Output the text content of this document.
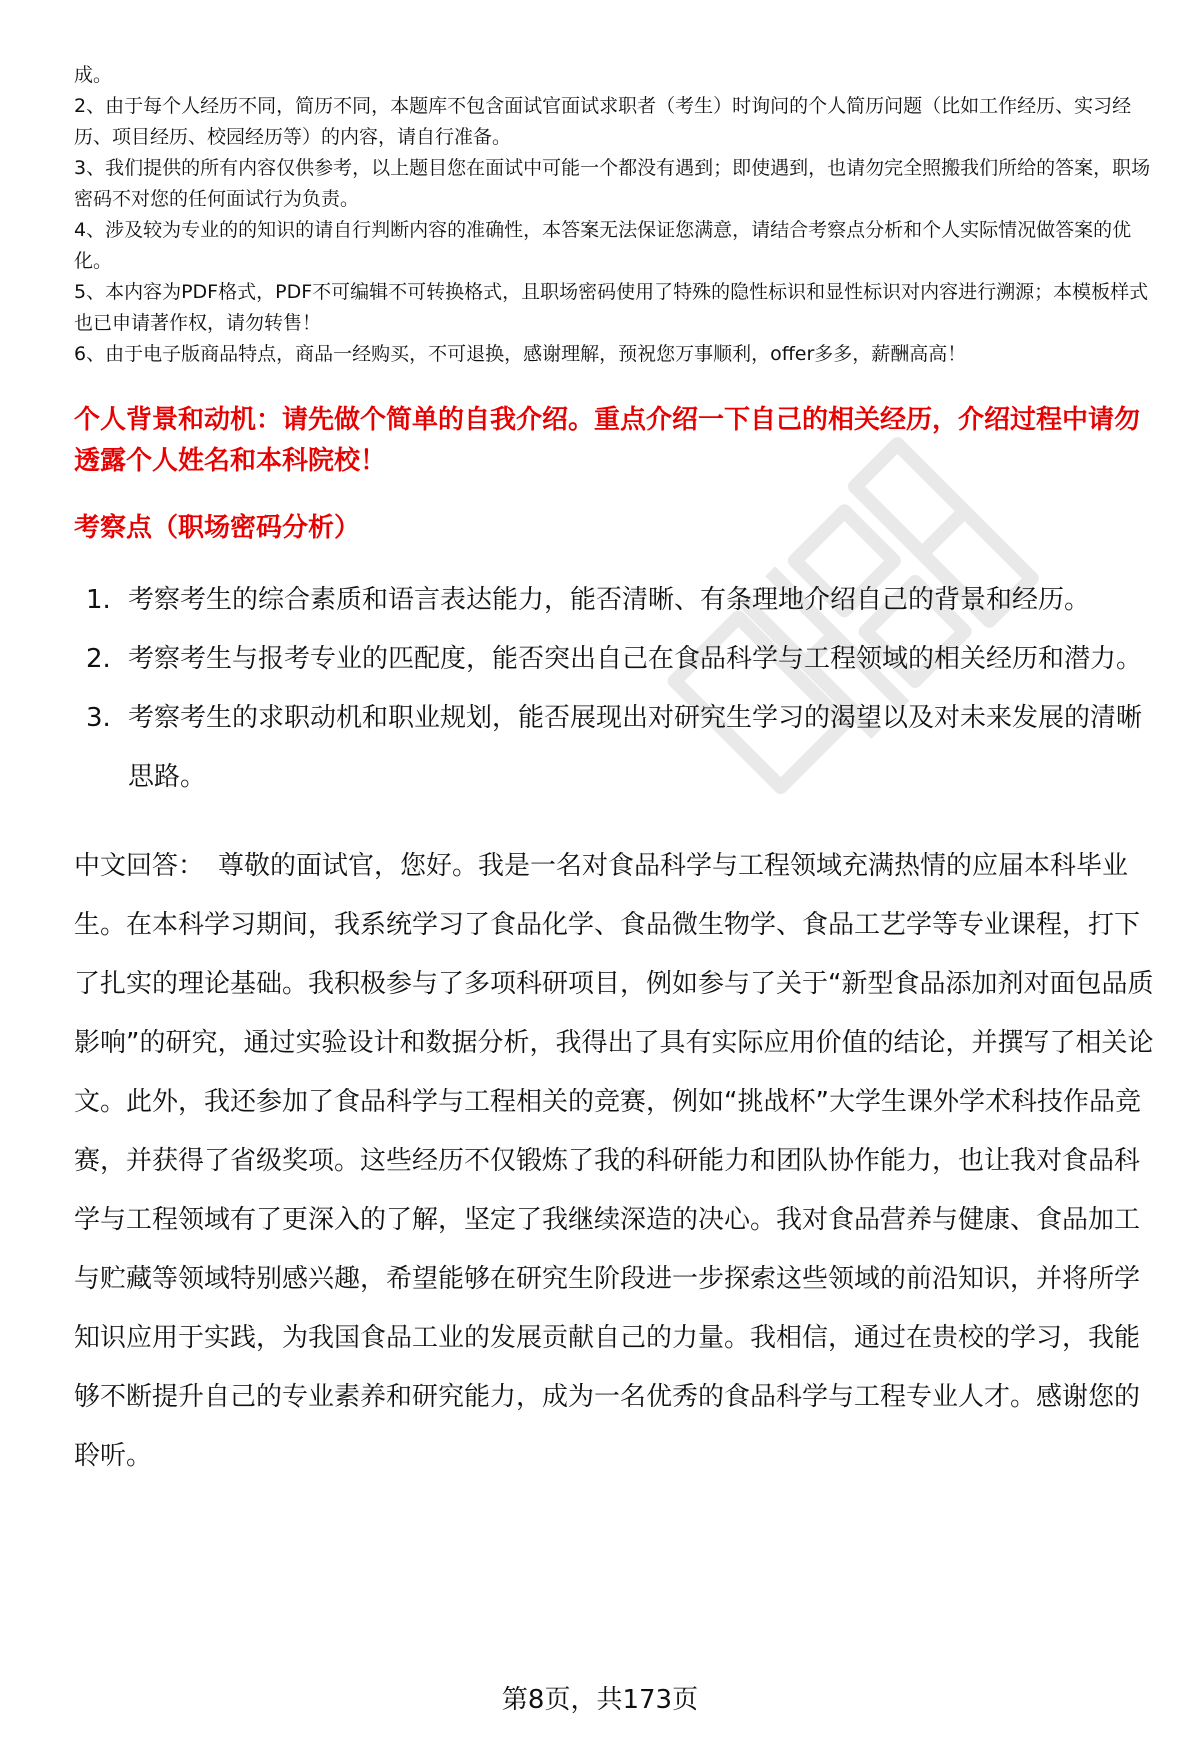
成。

2、由于每个人经历不同，简历不同，本题库不包含面试官面试求职者（考生）时询问的个人简历问题（比如工作经历、实习经历、项目经历、校园经历等）的内容，请自行准备。

3、我们提供的所有内容仅供参考，以上题目您在面试中可能一个都没有遇到；即使遇到，也请勿完全照搬我们所给的答案，职场密码不对您的任何面试行为负责。

4、涉及较为专业的的知识的请自行判断内容的准确性，本答案无法保证您满意，请结合考察点分析和个人实际情况做答案的优化。

5、本内容为PDF格式，PDF不可编辑不可转换格式，且职场密码使用了特殊的隐性标识和显性标识对内容进行溯源；本模板样式也已申请著作权，请勿转售！

6、由于电子版商品特点，商品一经购买，不可退换，感谢理解，预祝您万事顺利，offer多多，薪酬高高！

个人背景和动机：请先做个简单的自我介绍。重点介绍一下自己的相关经历，介绍过程中请勿透露个人姓名和本科院校！
考察点（职场密码分析）
1. 考察考生的综合素质和语言表达能力，能否清晰、有条理地介绍自己的背景和经历。
2. 考察考生与报考专业的匹配度，能否突出自己在食品科学与工程领域的相关经历和潜力。
3. 考察考生的求职动机和职业规划，能否展现出对研究生学习的渴望以及对未来发展的清晰思路。
中文回答： 尊敬的面试官，您好。我是一名对食品科学与工程领域充满热情的应届本科毕业生。在本科学习期间，我系统学习了食品化学、食品微生物学、食品工艺学等专业课程，打下了扎实的理论基础。我积极参与了多项科研项目，例如参与了关于“新型食品添加剂对面包品质影响”的研究，通过实验设计和数据分析，我得出了具有实际应用价值的结论，并撰写了相关论文。此外，我还参加了食品科学与工程相关的竞赛，例如“挑战杯”大学生课外学术科技作品竞赛，并获得了省级奖项。这些经历不仅锻炼了我的科研能力和团队协作能力，也让我对食品科学与工程领域有了更深入的了解，坚定了我继续深造的决心。我对食品营养与健康、食品加工与贮藏等领域特别感兴趣，希望能够在研究生阶段进一步探索这些领域的前沿知识，并将所学知识应用于实践，为我国食品工业的发展贡献自己的力量。我相信，通过在贵校的学习，我能够不断提升自己的专业素养和研究能力，成为一名优秀的食品科学与工程专业人才。感谢您的聆听。
第8页，共173页
